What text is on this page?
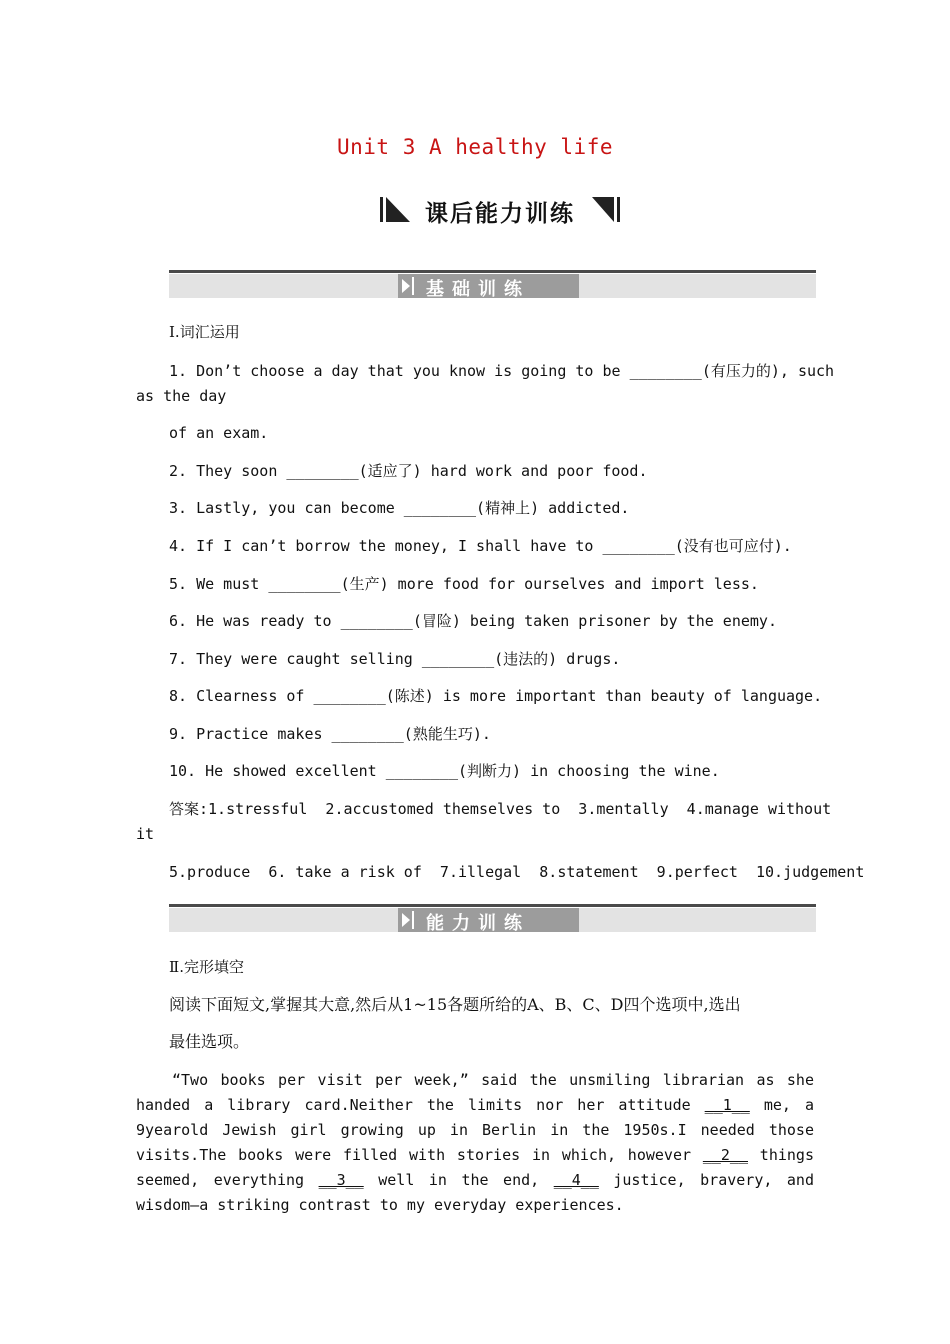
Unit 3 A healthy life
课后能力训练
基础训练
Ⅰ.词汇运用
1. Don’t choose a day that you know is going to be ________(有压力的), such
as the day
of an exam.
2. They soon ________(适应了) hard work and poor food.
3. Lastly, you can become ________(精神上) addicted.
4. If I can’t borrow the money, I shall have to ________(没有也可应付).
5. We must ________(生产) more food for ourselves and import less.
6. He was ready to ________(冒险) being taken prisoner by the enemy.
7. They were caught selling ________(违法的) drugs.
8. Clearness of ________(陈述) is more important than beauty of language.
9. Practice makes ________(熟能生巧).
10. He showed excellent ________(判断力) in choosing the wine.
答案:1.stressful  2.accustomed themselves to  3.mentally  4.manage without
it
5.produce  6. take a risk of  7.illegal  8.statement  9.perfect  10.judgement
能力训练
Ⅱ.完形填空
阅读下面短文,掌握其大意,然后从1~15各题所给的A、B、C、D四个选项中,选出
最佳选项。
“Two books per visit per week,” said the unsmiling librarian as she handed a library card.Neither the limits nor her attitude __1__ me, a 9yearold Jewish girl growing up in Berlin in the 1950s.I needed those visits.The books were filled with stories in which, however __2__ things seemed, everything __3__ well in the end, __4__ justice, bravery, and wisdom—a striking contrast to my everyday experiences.
